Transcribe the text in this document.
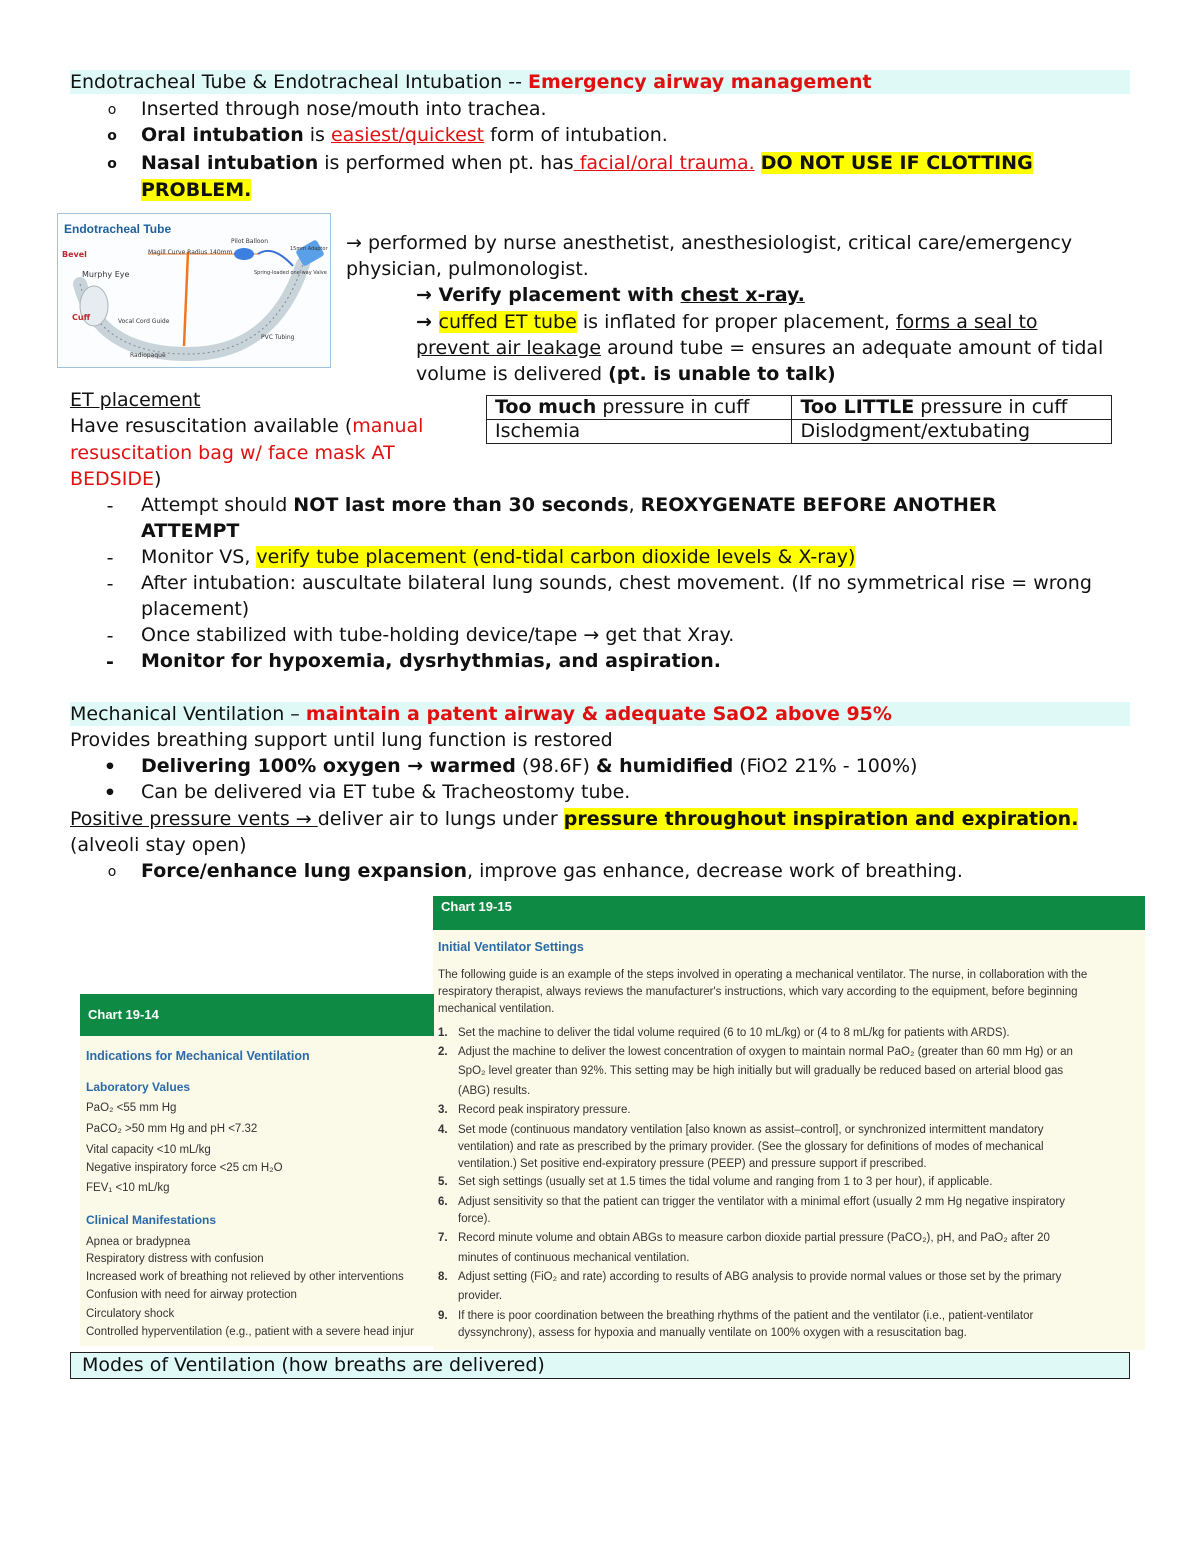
Endotracheal Tube & Endotracheal Intubation -- Emergency airway management
o	Inserted through nose/mouth into trachea.
o Oral intubation is easiest/quickest form of intubation.
o Nasal intubation is performed when pt. has facial/oral trauma. DO NOT USE IF CLOTTING
PROBLEM.
Endotracheal Tube
Bevel
Murphy Eye
Cuff	Vocal Cord Guide
Radiopaque
Magill Curve Radius 140mm
Pilot Balloon
Spring-loaded one-way Valve
15mm Adaptor
PVC Tubing
→ performed by nurse anesthetist, anesthesiologist, critical care/emergency
physician, pulmonologist.
→ Verify placement with chest x-ray.
→ cuffed ET tube is inflated for proper placement, forms a seal to
prevent air leakage around tube = ensures an adequate amount of tidal
volume is delivered (pt. is unable to talk)
Too much pressure in cuff	Too LITTLE pressure in cuff
Ischemia	Dislodgment/extubating
ET placement
Have resuscitation available (manual
resuscitation bag w/ face mask AT
BEDSIDE)
-	Attempt should NOT last more than 30 seconds, REOXYGENATE BEFORE ANOTHER
ATTEMPT
-	Monitor VS, verify tube placement (end-tidal carbon dioxide levels & X-ray)
-	After intubation: auscultate bilateral lung sounds, chest movement. (If no symmetrical rise = wrong
placement)
-	Once stabilized with tube-holding device/tape → get that Xray.
-	Monitor for hypoxemia, dysrhythmias, and aspiration.
Mechanical Ventilation – maintain a patent airway & adequate SaO2 above 95%
Provides breathing support until lung function is restored
• Delivering 100% oxygen → warmed (98.6F) & humidified (FiO2 21% - 100%)
• Can be delivered via ET tube & Tracheostomy tube.
Positive pressure vents → deliver air to lungs under pressure throughout inspiration and expiration.
(alveoli stay open)
o	Force/enhance lung expansion, improve gas enhance, decrease work of breathing.
Chart 19-15
Initial Ventilator Settings
The following guide is an example of the steps involved in operating a mechanical ventilator. The nurse, in collaboration with the
respiratory therapist, always reviews the manufacturer's instructions, which vary according to the equipment, before beginning
mechanical ventilation.
1. Set the machine to deliver the tidal volume required (6 to 10 mL/kg) or (4 to 8 mL/kg for patients with ARDS).
2. Adjust the machine to deliver the lowest concentration of oxygen to maintain normal PaO₂ (greater than 60 mm Hg) or an
SpO₂ level greater than 92%. This setting may be high initially but will gradually be reduced based on arterial blood gas
(ABG) results.
3. Record peak inspiratory pressure.
4. Set mode (continuous mandatory ventilation [also known as assist–control], or synchronized intermittent mandatory
ventilation) and rate as prescribed by the primary provider. (See the glossary for definitions of modes of mechanical
ventilation.) Set positive end-expiratory pressure (PEEP) and pressure support if prescribed.
5. Set sigh settings (usually set at 1.5 times the tidal volume and ranging from 1 to 3 per hour), if applicable.
6. Adjust sensitivity so that the patient can trigger the ventilator with a minimal effort (usually 2 mm Hg negative inspiratory
force).
7. Record minute volume and obtain ABGs to measure carbon dioxide partial pressure (PaCO₂), pH, and PaO₂ after 20
minutes of continuous mechanical ventilation.
8. Adjust setting (FiO₂ and rate) according to results of ABG analysis to provide normal values or those set by the primary
provider.
9. If there is poor coordination between the breathing rhythms of the patient and the ventilator (i.e., patient-ventilator
dyssynchrony), assess for hypoxia and manually ventilate on 100% oxygen with a resuscitation bag.
Chart 19-14
Indications for Mechanical Ventilation
Laboratory Values
PaO₂ <55 mm Hg
PaCO₂ >50 mm Hg and pH <7.32
Vital capacity <10 mL/kg
Negative inspiratory force <25 cm H₂O
FEV₁ <10 mL/kg
Clinical Manifestations
Apnea or bradypnea
Respiratory distress with confusion
Increased work of breathing not relieved by other interventions
Confusion with need for airway protection
Circulatory shock
Controlled hyperventilation (e.g., patient with a severe head injur
Modes of Ventilation (how breaths are delivered)
